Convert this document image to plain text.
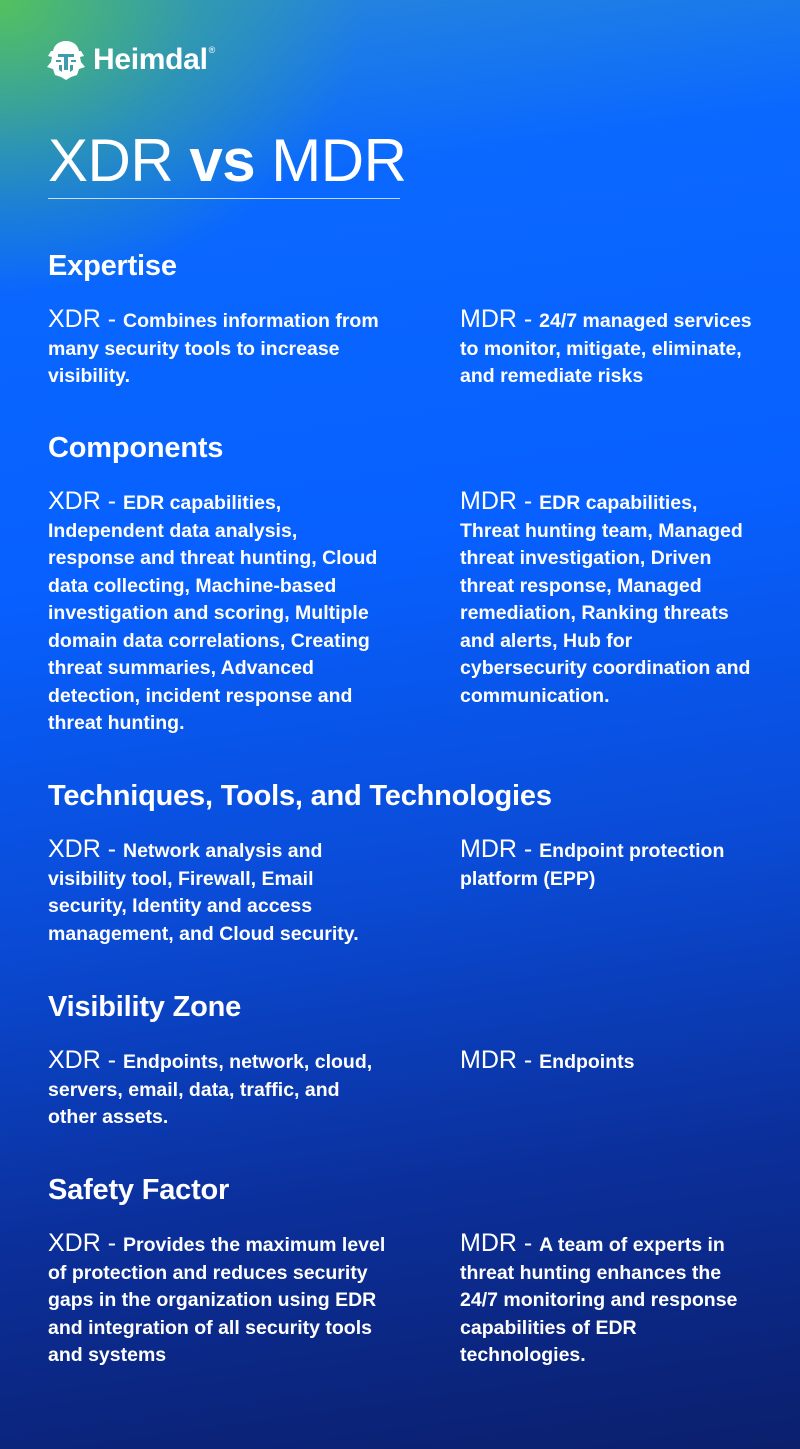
Heimdal ®
XDR vs MDR
Expertise
XDR - Combines information from many security tools to increase visibility.
MDR - 24/7 managed services to monitor, mitigate, eliminate, and remediate risks
Components
XDR - EDR capabilities, Independent data analysis, response and threat hunting, Cloud data collecting, Machine-based investigation and scoring, Multiple domain data correlations, Creating threat summaries, Advanced detection, incident response and threat hunting.
MDR - EDR capabilities, Threat hunting team, Managed threat investigation, Driven threat response, Managed remediation, Ranking threats and alerts, Hub for cybersecurity coordination and communication.
Techniques, Tools, and Technologies
XDR - Network analysis and visibility tool, Firewall, Email security, Identity and access management, and Cloud security.
MDR - Endpoint protection platform (EPP)
Visibility Zone
XDR - Endpoints, network, cloud, servers, email, data, traffic, and other assets.
MDR - Endpoints
Safety Factor
XDR - Provides the maximum level of protection and reduces security gaps in the organization using EDR and integration of all security tools and systems
MDR - A team of experts in threat hunting enhances the 24/7 monitoring and response capabilities of EDR technologies.
